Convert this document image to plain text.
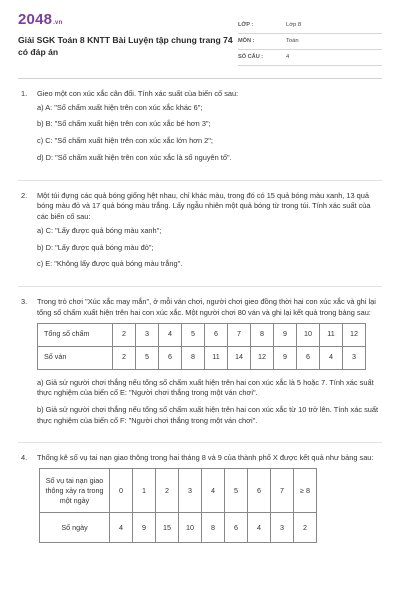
2048.vn
Giải SGK Toán 8 KNTT Bài Luyện tập chung trang 74 có đáp án
LỚP :	Lớp 8
MÔN :	Toán
SỐ CÂU :	4
1.	Gieo một con xúc xắc cân đối. Tính xác suất của biến cố sau:
a) A: "Số chấm xuất hiện trên con xúc xắc khác 6";
b) B: "Số chấm xuất hiện trên con xúc xắc bé hơn 3";
c) C: "Số chấm xuất hiện trên con xúc xắc lớn hơn 2";
d) D: "Số chấm xuất hiện trên con xúc xắc là số nguyên tố".
2.	Một túi đựng các quả bóng giống hệt nhau, chỉ khác màu, trong đó có 15 quả bóng màu xanh, 13 quả bóng màu đỏ và 17 quả bóng màu trắng. Lấy ngẫu nhiên một quả bóng từ trong túi. Tính xác suất của các biến cố sau:
a) C: "Lấy được quả bóng màu xanh";
b) D: "Lấy được quả bóng màu đỏ";
c) E: "Không lấy được quả bóng màu trắng".
3.	Trong trò chơi "Xúc xắc may mắn", ở mỗi ván chơi, người chơi gieo đồng thời hai con xúc xắc và ghi lại tổng số chấm xuất hiện trên hai con xúc xắc. Một người chơi 80 ván và ghi lại kết quả trong bảng sau:
Tổng số chấm	2	3	4	5	6	7	8	9	10	11	12
Số ván	2	5	6	8	11	14	12	9	6	4	3
a) Giả sử người chơi thắng nếu tổng số chấm xuất hiện trên hai con xúc xắc là 5 hoặc 7. Tính xác suất thực nghiệm của biến cố E: "Người chơi thắng trong một ván chơi".
b) Giả sử người chơi thắng nếu tổng số chấm xuất hiện trên hai con xúc xắc từ 10 trở lên. Tính xác suất thực nghiệm của biến cố F: "Người chơi thắng trong một ván chơi".
4.	Thống kê số vụ tai nạn giao thông trong hai tháng 8 và 9 của thành phố X được kết quả như bảng sau:
Số vụ tai nạn giao thông xảy ra trong một ngày	0	1	2	3	4	5	6	7	≥ 8
Số ngày	4	9	15	10	8	6	4	3	2
